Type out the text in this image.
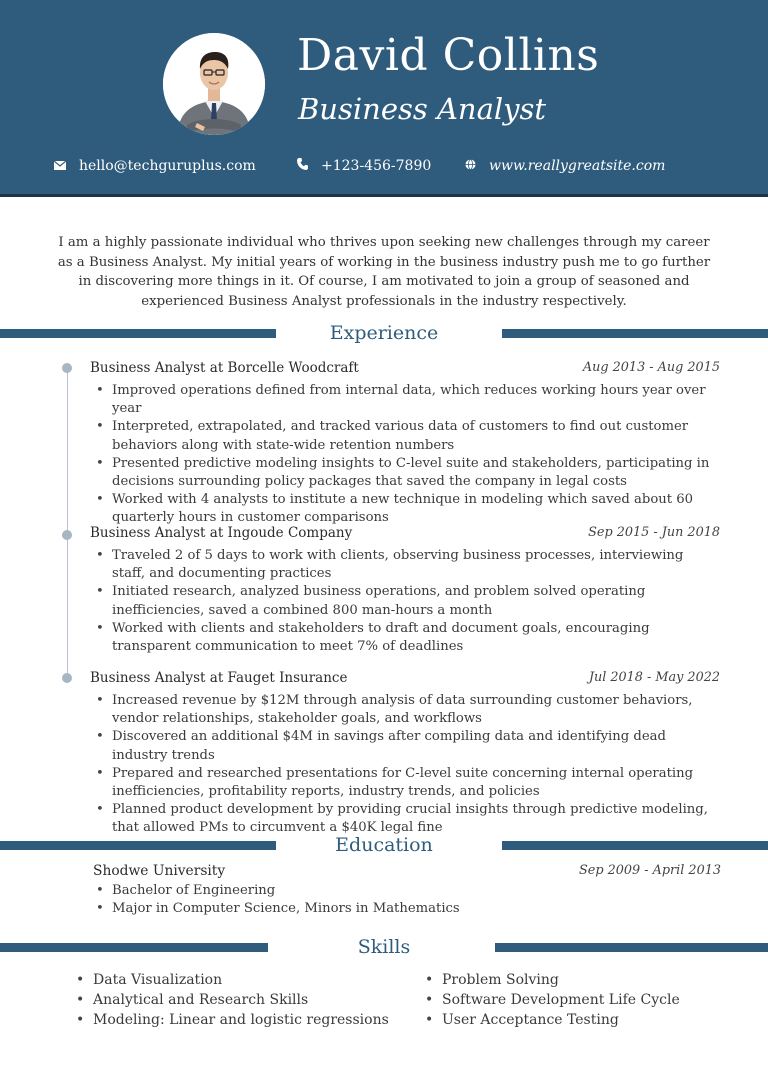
David Collins
Business Analyst
hello@techguruplus.com	+123-456-7890	www.reallygreatsite.com

I am a highly passionate individual who thrives upon seeking new challenges through my career as a Business Analyst. My initial years of working in the business industry push me to go further in discovering more things in it. Of course, I am motivated to join a group of seasoned and experienced Business Analyst professionals in the industry respectively.

Experience
Business Analyst at Borcelle Woodcraft	Aug 2013 - Aug 2015
• Improved operations defined from internal data, which reduces working hours year over year
• Interpreted, extrapolated, and tracked various data of customers to find out customer behaviors along with state-wide retention numbers
• Presented predictive modeling insights to C-level suite and stakeholders, participating in decisions surrounding policy packages that saved the company in legal costs
• Worked with 4 analysts to institute a new technique in modeling which saved about 60 quarterly hours in customer comparisons
Business Analyst at Ingoude Company	Sep 2015 - Jun 2018
• Traveled 2 of 5 days to work with clients, observing business processes, interviewing staff, and documenting practices
• Initiated research, analyzed business operations, and problem solved operating inefficiencies, saved a combined 800 man-hours a month
• Worked with clients and stakeholders to draft and document goals, encouraging transparent communication to meet 7% of deadlines
Business Analyst at Fauget Insurance	Jul 2018 - May 2022
• Increased revenue by $12M through analysis of data surrounding customer behaviors, vendor relationships, stakeholder goals, and workflows
• Discovered an additional $4M in savings after compiling data and identifying dead industry trends
• Prepared and researched presentations for C-level suite concerning internal operating inefficiencies, profitability reports, industry trends, and policies
• Planned product development by providing crucial insights through predictive modeling, that allowed PMs to circumvent a $40K legal fine
Education
Shodwe University	Sep 2009 - April 2013
• Bachelor of Engineering
• Major in Computer Science, Minors in Mathematics
Skills
• Data Visualization
• Analytical and Research Skills
• Modeling: Linear and logistic regressions
• Problem Solving
• Software Development Life Cycle
• User Acceptance Testing
